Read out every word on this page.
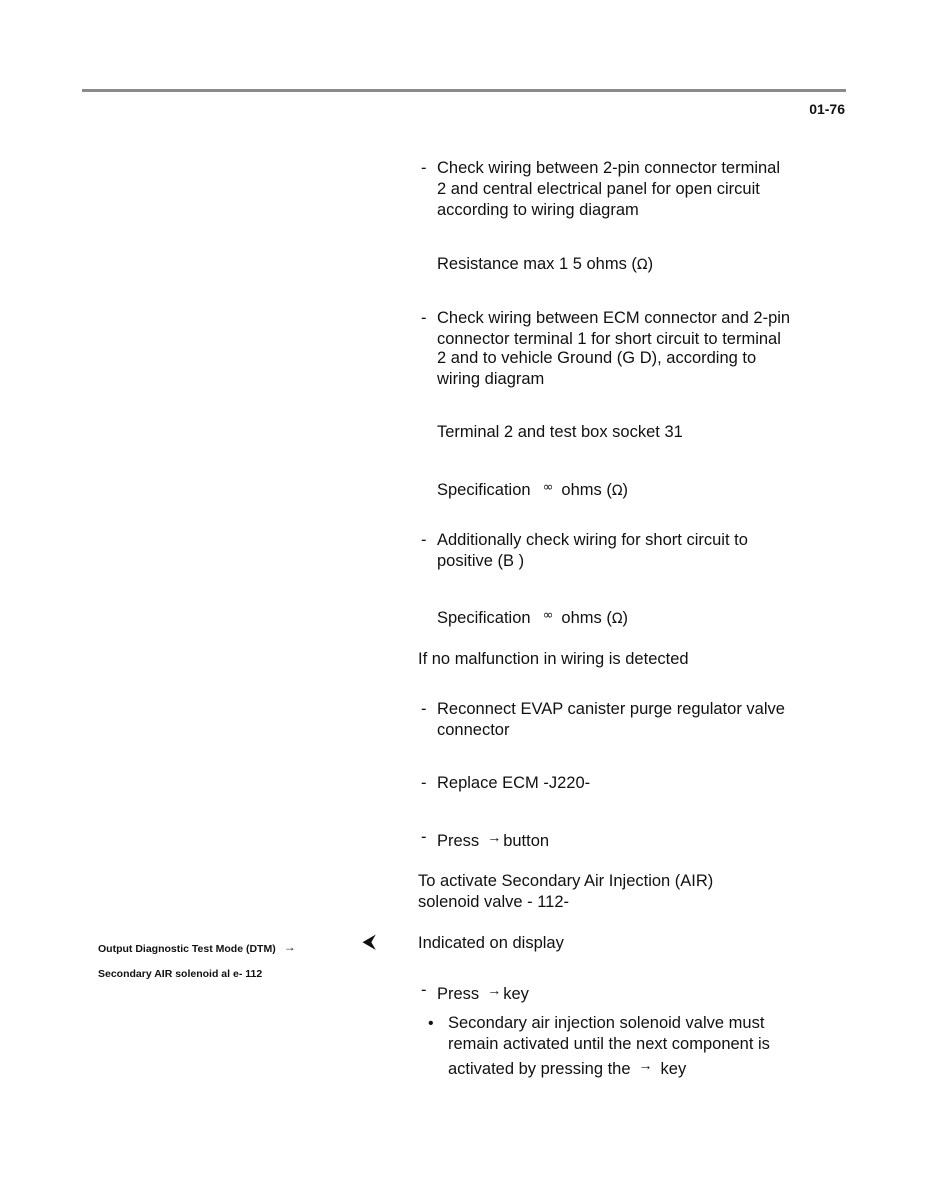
01-76
- Check wiring between 2-pin connector terminal
2 and central electrical panel for open circuit
according to wiring diagram
Resistance max 1 5 ohms (Ω)
- Check wiring between ECM connector and 2-pin
connector terminal 1 for short circuit to terminal
2 and to vehicle Ground (G D), according to
wiring diagram
Terminal 2 and test box socket 31
Specification ∞ ohms (Ω)
- Additionally check wiring for short circuit to
positive (B )
Specification ∞ ohms (Ω)
If no malfunction in wiring is detected
- Reconnect EVAP canister purge regulator valve
connector
- Replace ECM -J220-
- Press → button
To activate Secondary Air Injection (AIR)
solenoid valve - 112-
Output Diagnostic Test Mode (DTM) →	⮜
Secondary AIR solenoid al e- 112
Indicated on display
- Press → key
• Secondary air injection solenoid valve must
remain activated until the next component is
activated by pressing the → key
